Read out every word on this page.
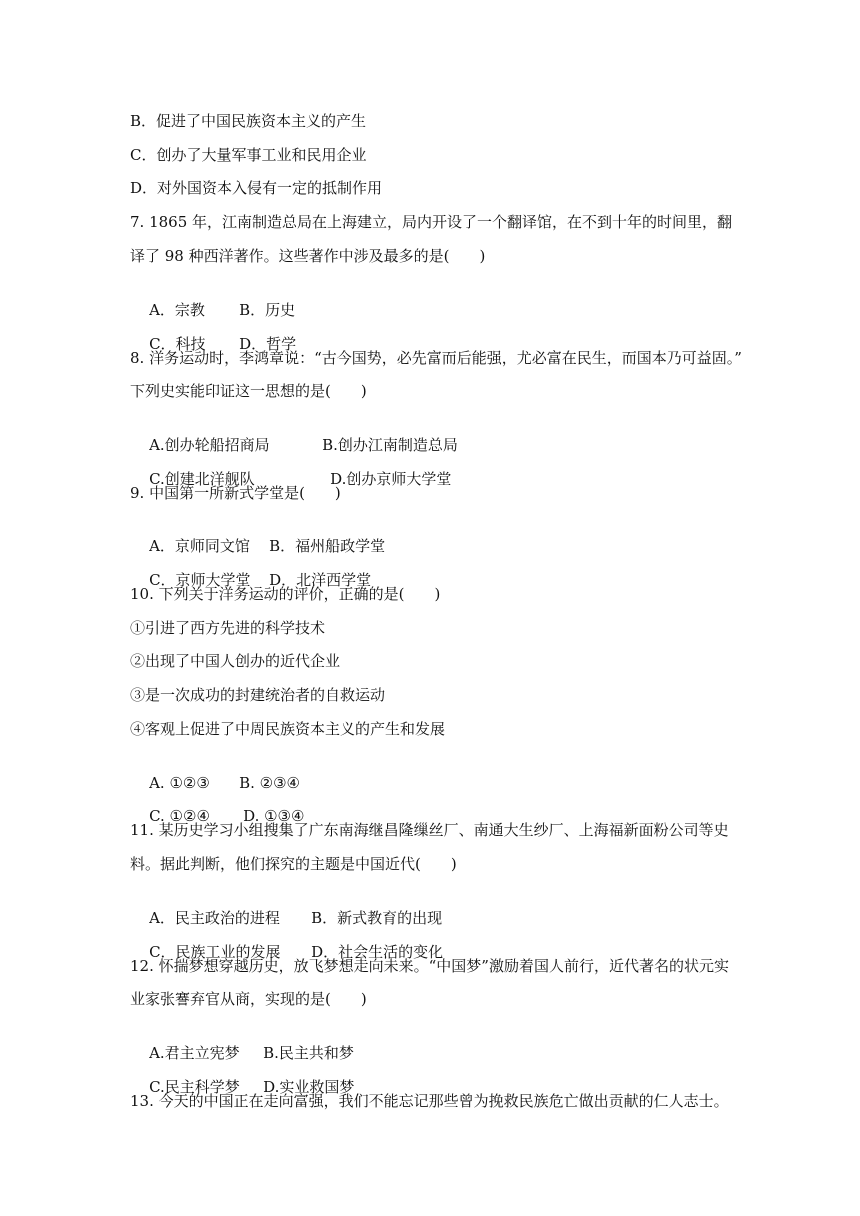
B．促进了中国民族资本主义的产生
C．创办了大量军事工业和民用企业
D．对外国资本入侵有一定的抵制作用
7. 1865 年，江南制造总局在上海建立，局内开设了一个翻译馆，在不到十年的时间里，翻
译了 98 种西洋著作。这些著作中涉及最多的是(　　)

A．宗教 B．历史

C．科技 D．哲学

8. 洋务运动时，李鸿章说：“古今国势，必先富而后能强，尤必富在民生，而国本乃可益固。”
下列史实能印证这一思想的是(　　)

A.创办轮船招商局	B.创办江南制造总局

C.创建北洋舰队	D.创办京师大学堂

9. 中国第一所新式学堂是(　　)

A．京师同文馆 B．福州船政学堂

C．京师大学堂 D．北洋西学堂

10. 下列关于洋务运动的评价，正确的是(　　)
①引进了西方先进的科学技术
②出现了中国人创办的近代企业
③是一次成功的封建统治者的自救运动
④客观上促进了中周民族资本主义的产生和发展

A. ①②③ B. ②③④

C. ①②④ D. ①③④

11. 某历史学习小组搜集了广东南海继昌隆缫丝厂、南通大生纱厂、上海福新面粉公司等史
料。据此判断，他们探究的主题是中国近代(　　)

A．民主政治的进程 B．新式教育的出现

C．民族工业的发展 D．社会生活的变化

12. 怀揣梦想穿越历史，放飞梦想走向未来。“中国梦”激励着国人前行，近代著名的状元实
业家张謇弃官从商，实现的是(　　)

A.君主立宪梦 B.民主共和梦

C.民主科学梦 D.实业救国梦

13. 今天的中国正在走向富强，我们不能忘记那些曾为挽救民族危亡做出贡献的仁人志士。
